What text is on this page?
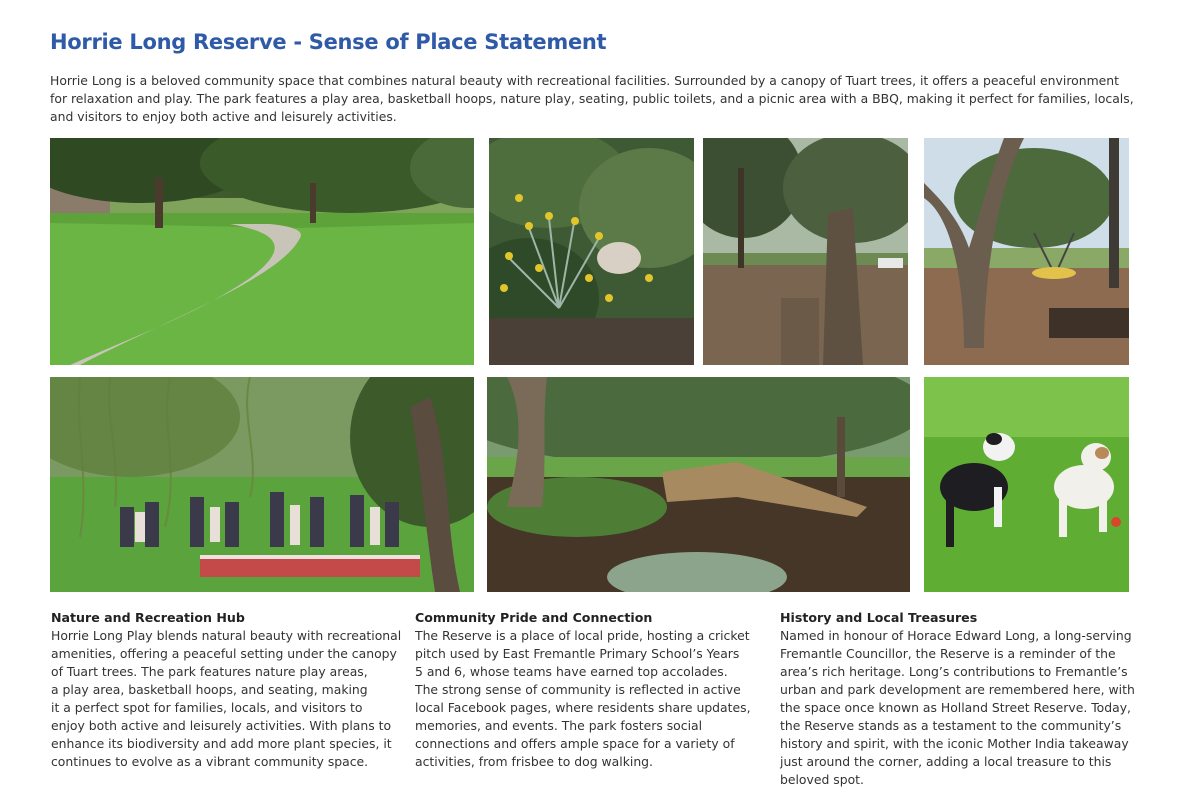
Horrie Long Reserve - Sense of Place Statement

Horrie Long is a beloved community space that combines natural beauty with recreational facilities. Surrounded by a canopy of Tuart trees, it offers a peaceful environment for relaxation and play. The park features a play area, basketball hoops, nature play, seating, public toilets, and a picnic area with a BBQ, making it perfect for families, locals, and visitors to enjoy both active and leisurely activities.

Nature and Recreation Hub

Horrie Long Play blends natural beauty with recreational
amenities, offering a peaceful setting under the canopy
of Tuart trees. The park features nature play areas,
a play area, basketball hoops, and seating, making
it a perfect spot for families, locals, and visitors to
enjoy both active and leisurely activities. With plans to
enhance its biodiversity and add more plant species, it
continues to evolve as a vibrant community space.

Community Pride and Connection

The Reserve is a place of local pride, hosting a cricket
pitch used by East Fremantle Primary School’s Years
5 and 6, whose teams have earned top accolades.
The strong sense of community is reflected in active
local Facebook pages, where residents share updates,
memories, and events. The park fosters social
connections and offers ample space for a variety of
activities, from frisbee to dog walking.

History and Local Treasures

Named in honour of Horace Edward Long, a long-serving
Fremantle Councillor, the Reserve is a reminder of the
area’s rich heritage. Long’s contributions to Fremantle’s
urban and park development are remembered here, with
the space once known as Holland Street Reserve. Today,
the Reserve stands as a testament to the community’s
history and spirit, with the iconic Mother India takeaway
just around the corner, adding a local treasure to this
beloved spot.
